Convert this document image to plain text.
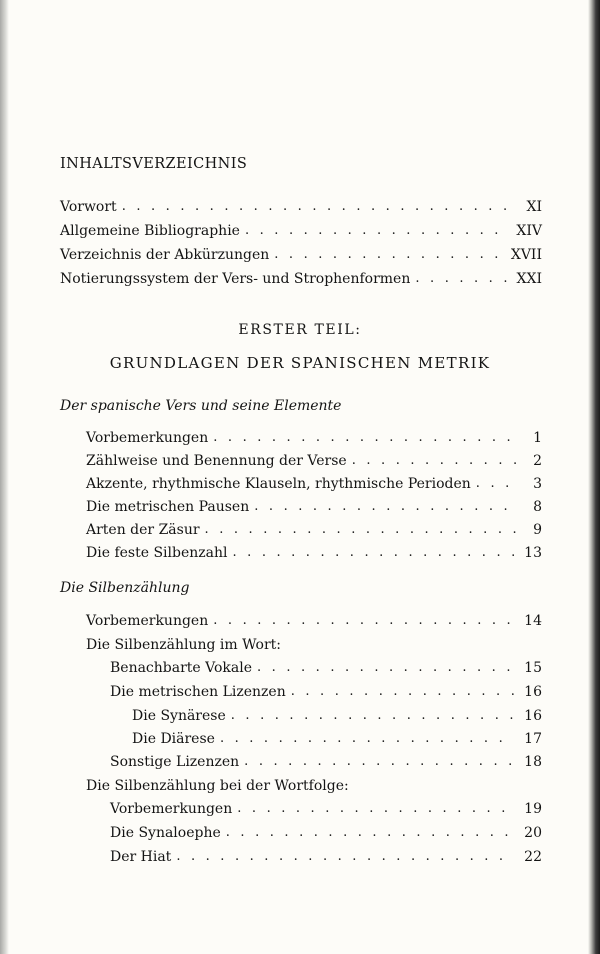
INHALTSVERZEICHNIS
Vorwort . . .	XI
Allgemeine Bibliographie . . .	XIV
Verzeichnis der Abkürzungen . . .	XVII
Notierungssystem der Vers- und Strophenformen . . .	XXI
ERSTER TEIL:
GRUNDLAGEN DER SPANISCHEN METRIK
Der spanische Vers und seine Elemente
Vorbemerkungen . . .	1
Zählweise und Benennung der Verse . . .	2
Akzente, rhythmische Klauseln, rhythmische Perioden . . .	3
Die metrischen Pausen . . .	8
Arten der Zäsur . . .	9
Die feste Silbenzahl . . .	13
Die Silbenzählung
Vorbemerkungen . . .	14
Die Silbenzählung im Wort:
Benachbarte Vokale . . .	15
Die metrischen Lizenzen . . .	16
Die Synärese . . .	16
Die Diärese . . .	17
Sonstige Lizenzen . . .	18
Die Silbenzählung bei der Wortfolge:
Vorbemerkungen . . .	19
Die Synaloephe . . .	20
Der Hiat . . .	22
